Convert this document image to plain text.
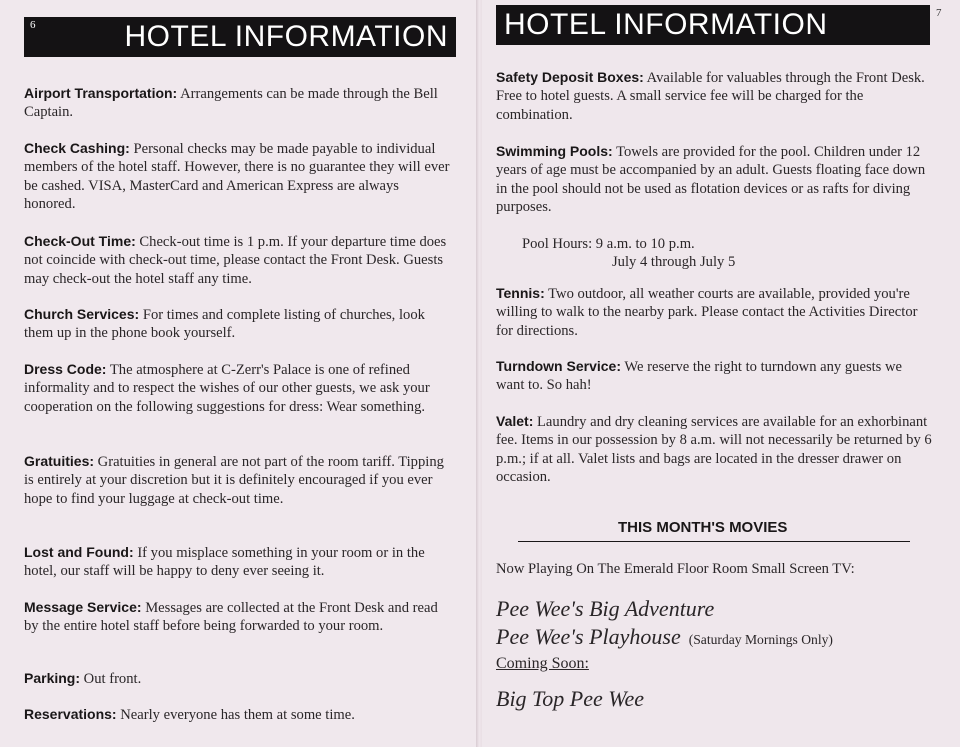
6	HOTEL INFORMATION
Airport Transportation: Arrangements can be made through the Bell Captain.
Check Cashing: Personal checks may be made payable to individual members of the hotel staff. However, there is no guarantee they will ever be cashed. VISA, MasterCard and American Express are always honored.
Check-Out Time: Check-out time is 1 p.m. If your departure time does not coincide with check-out time, please contact the Front Desk. Guests may check-out the hotel staff any time.
Church Services: For times and complete listing of churches, look them up in the phone book yourself.
Dress Code: The atmosphere at C-Zerr's Palace is one of refined informality and to respect the wishes of our other guests, we ask your cooperation on the following suggestions for dress: Wear something.
Gratuities: Gratuities in general are not part of the room tariff. Tipping is entirely at your discretion but it is definitely encouraged if you ever hope to find your luggage at check-out time.
Lost and Found: If you misplace something in your room or in the hotel, our staff will be happy to deny ever seeing it.
Message Service: Messages are collected at the Front Desk and read by the entire hotel staff before being forwarded to your room.
Parking: Out front.
Reservations: Nearly everyone has them at some time.
HOTEL INFORMATION	7
Safety Deposit Boxes: Available for valuables through the Front Desk. Free to hotel guests. A small service fee will be charged for the combination.
Swimming Pools: Towels are provided for the pool. Children under 12 years of age must be accompanied by an adult. Guests floating face down in the pool should not be used as flotation devices or as rafts for diving purposes.
Pool Hours: 9 a.m. to 10 p.m.
July 4 through July 5
Tennis: Two outdoor, all weather courts are available, provided you're willing to walk to the nearby park. Please contact the Activities Director for directions.
Turndown Service: We reserve the right to turndown any guests we want to. So hah!
Valet: Laundry and dry cleaning services are available for an exhorbinant fee. Items in our possession by 8 a.m. will not necessarily be returned by 6 p.m.; if at all. Valet lists and bags are located in the dresser drawer on occasion.
THIS MONTH'S MOVIES
Now Playing On The Emerald Floor Room Small Screen TV:
Pee Wee's Big Adventure
Pee Wee's Playhouse (Saturday Mornings Only)
Coming Soon:
Big Top Pee Wee
